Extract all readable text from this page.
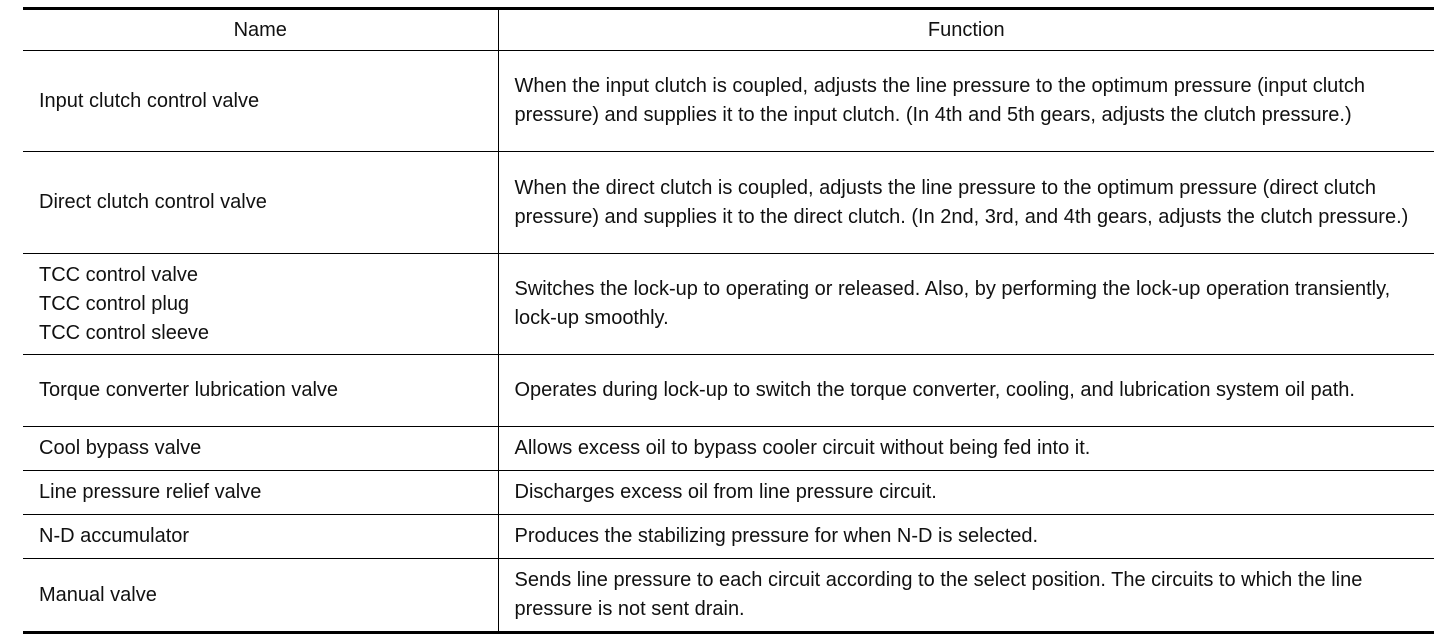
Name	Function

Input clutch control valve	When the input clutch is coupled, adjusts the line pressure to the optimum pressure (input clutch pressure) and supplies it to the input clutch. (In 4th and 5th gears, adjusts the clutch pressure.)

Direct clutch control valve	When the direct clutch is coupled, adjusts the line pressure to the optimum pressure (direct clutch pressure) and supplies it to the direct clutch. (In 2nd, 3rd, and 4th gears, adjusts the clutch pressure.)

TCC control valve
TCC control plug
TCC control sleeve	Switches the lock-up to operating or released. Also, by performing the lock-up operation transiently, lock-up smoothly.

Torque converter lubrication valve	Operates during lock-up to switch the torque converter, cooling, and lubrication system oil path.

Cool bypass valve	Allows excess oil to bypass cooler circuit without being fed into it.

Line pressure relief valve	Discharges excess oil from line pressure circuit.

N-D accumulator	Produces the stabilizing pressure for when N-D is selected.

Manual valve	Sends line pressure to each circuit according to the select position. The circuits to which the line pressure is not sent drain.
